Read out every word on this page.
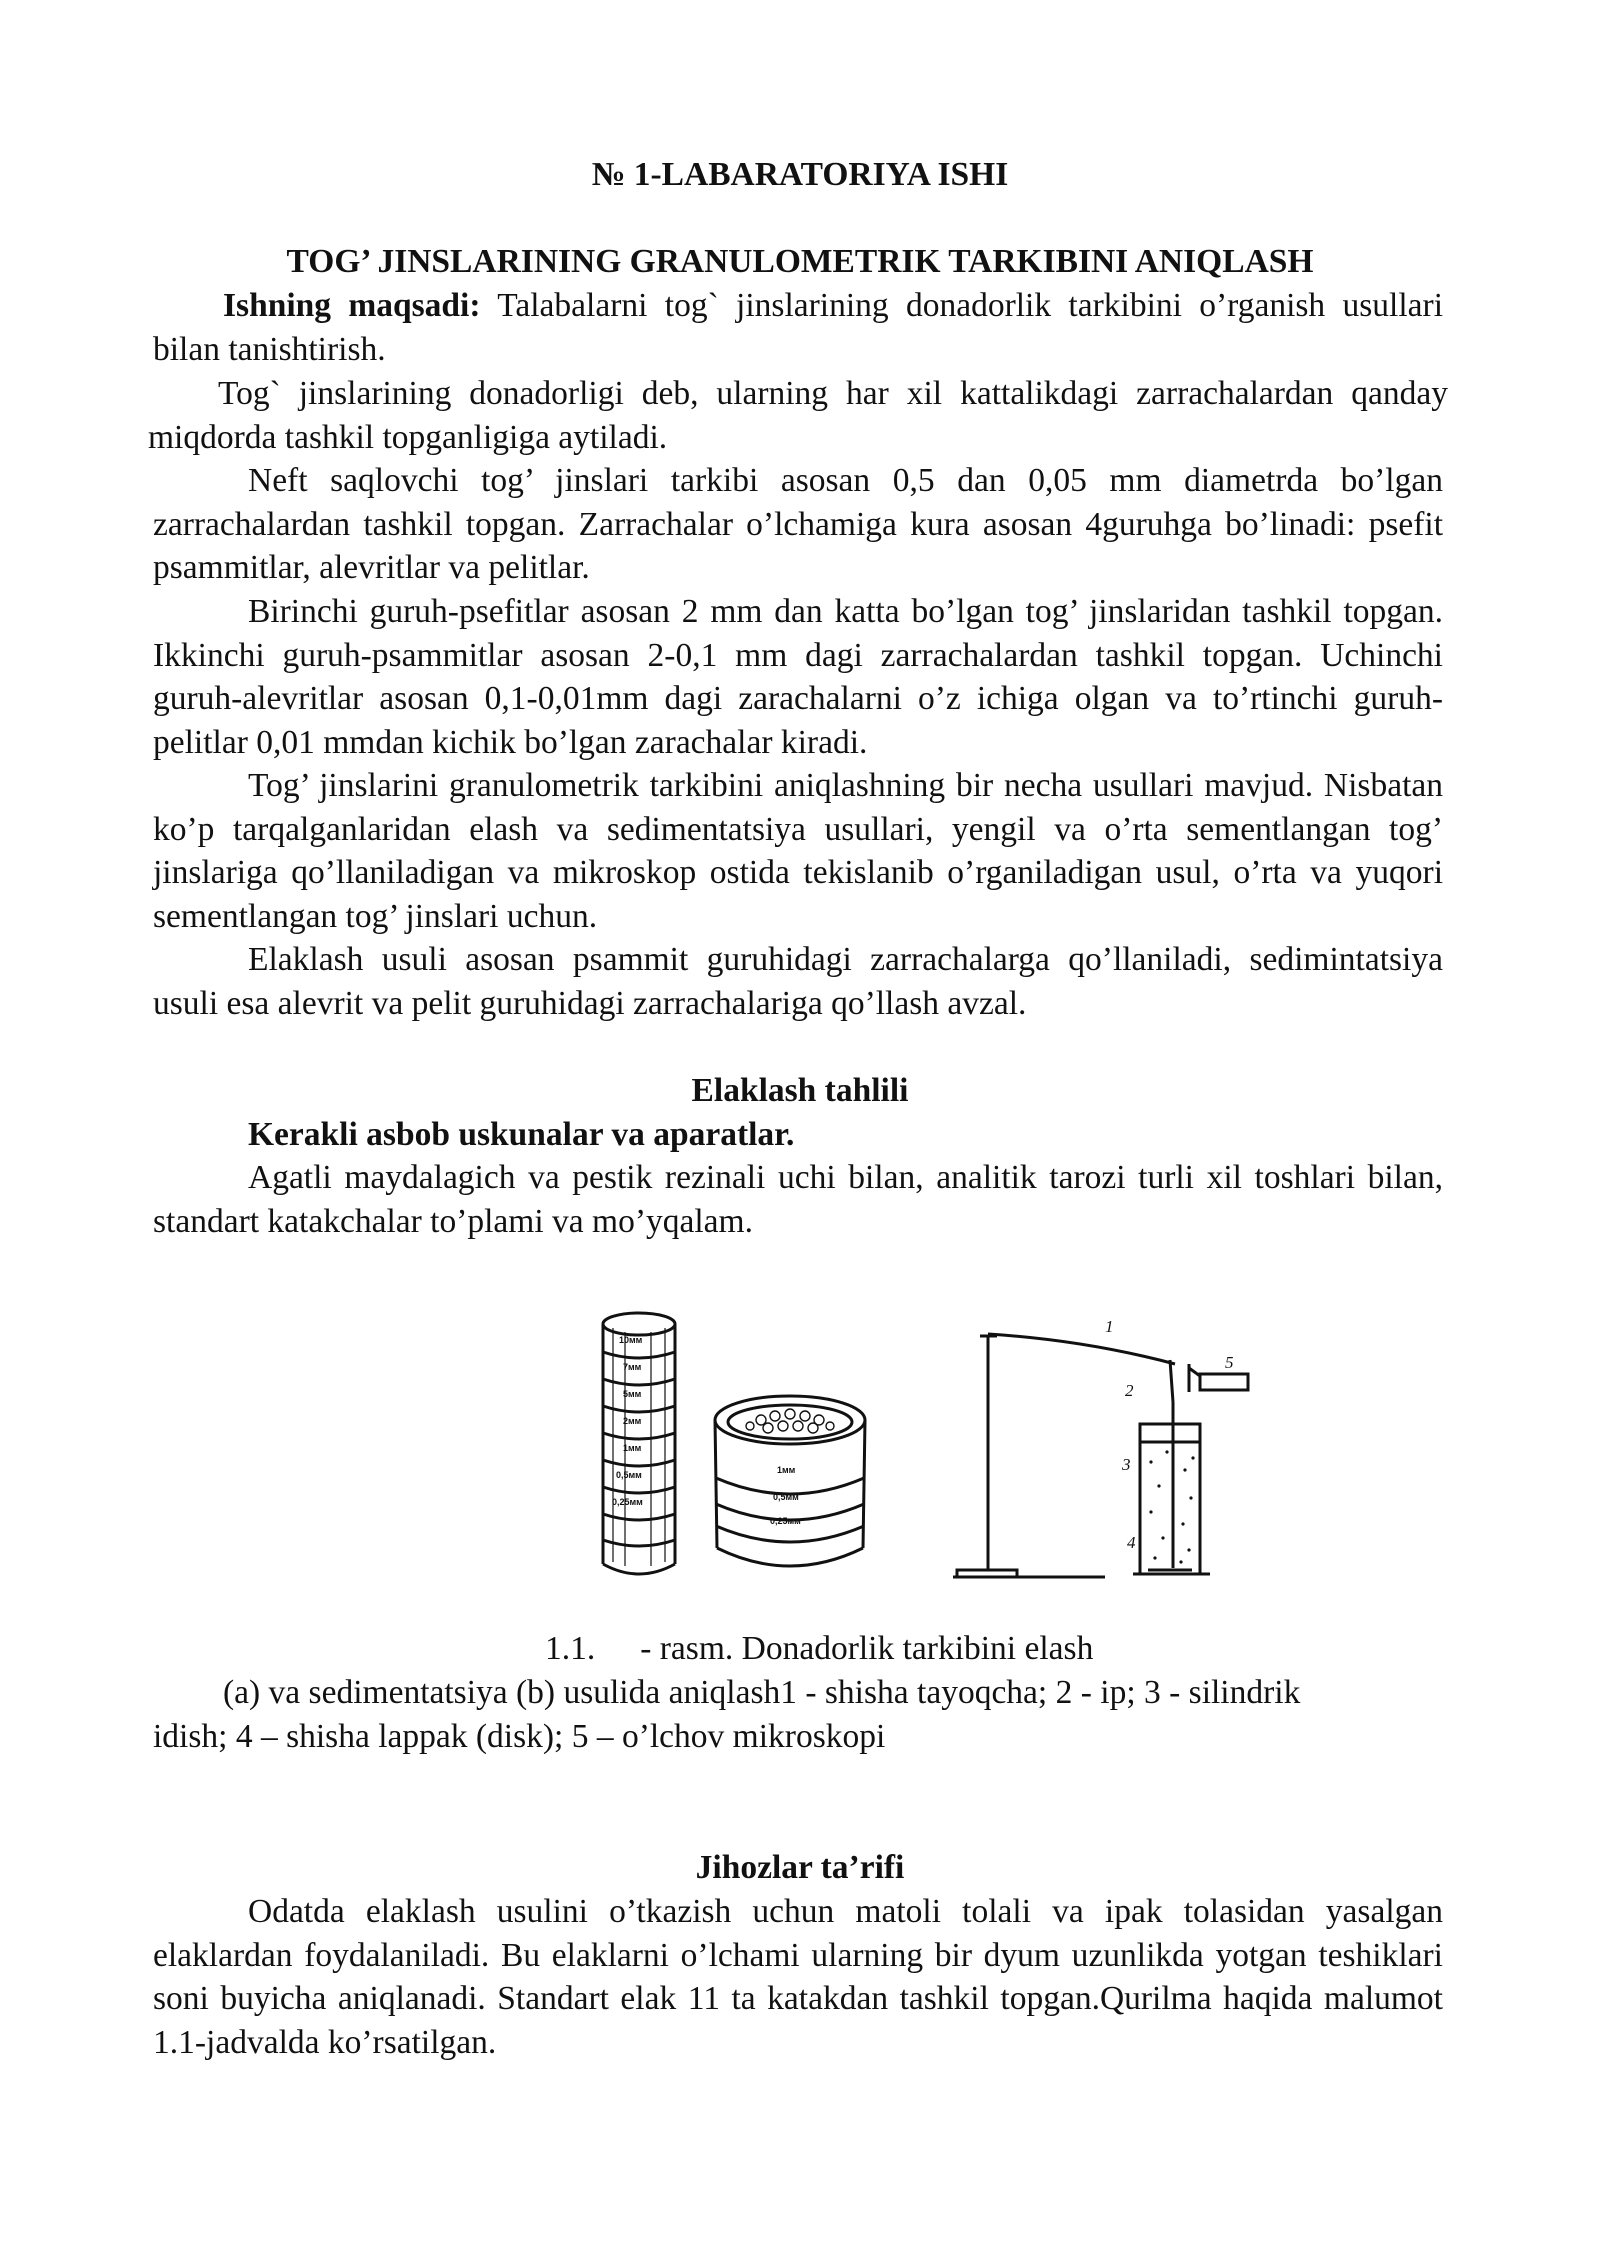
№ 1-LABARATORIYA ISHI
TOG’ JINSLARINING GRANULOMETRIK TARKIBINI ANIQLASH
Ishning maqsadi: Talabalarni tog` jinslarining donadorlik tarkibini o’rganish usullari bilan tanishtirish.
Tog` jinslarining donadorligi deb, ularning har xil kattalikdagi zarrachalardan qanday miqdorda tashkil topganligiga aytiladi.
Neft saqlovchi tog’ jinslari tarkibi asosan 0,5 dan 0,05 mm diametrda bo’lgan zarrachalardan tashkil topgan. Zarrachalar o’lchamiga kura asosan 4guruhga bo’linadi: psefit psammitlar, alevritlar va pelitlar.
Birinchi guruh-psefitlar asosan 2 mm dan katta bo’lgan tog’ jinslaridan tashkil topgan. Ikkinchi guruh-psammitlar asosan 2-0,1 mm dagi zarrachalardan tashkil topgan. Uchinchi guruh-alevritlar asosan 0,1-0,01mm dagi zarachalarni o’z ichiga olgan va to’rtinchi guruh-pelitlar 0,01 mmdan kichik bo’lgan zarachalar kiradi.
Tog’ jinslarini granulometrik tarkibini aniqlashning bir necha usullari mavjud. Nisbatan ko’p tarqalganlaridan elash va sedimentatsiya usullari, yengil va o’rta sementlangan tog’ jinslariga qo’llaniladigan va mikroskop ostida tekislanib o’rganiladigan usul, o’rta va yuqori sementlangan tog’ jinslari uchun.
Elaklash usuli asosan psammit guruhidagi zarrachalarga qo’llaniladi, sedimintatsiya usuli esa alevrit va pelit guruhidagi zarrachalariga qo’llash avzal.
Elaklash tahlili
Kerakli asbob uskunalar va aparatlar.
Agatli maydalagich va pestik rezinali uchi bilan, analitik tarozi turli xil toshlari bilan, standart katakchalar to’plami va mo’yqalam.
10мм
7мм
5мм
2мм
1мм
0,5мм
0,25мм
1мм
0,5мм
0,25мм
1
2
3
4
5
1.1. - rasm. Donadorlik tarkibini elash
(a) va sedimentatsiya (b) usulida aniqlash1 - shisha tayoqcha; 2 - ip; 3 - silindrik idish; 4 – shisha lappak (disk); 5 – o’lchov mikroskopi
Jihozlar ta’rifi
Odatda elaklash usulini o’tkazish uchun matoli tolali va ipak tolasidan yasalgan elaklardan foydalaniladi. Bu elaklarni o’lchami ularning bir dyum uzunlikda yotgan teshiklari soni buyicha aniqlanadi. Standart elak 11 ta katakdan tashkil topgan.Qurilma haqida malumot 1.1-jadvalda ko’rsatilgan.
